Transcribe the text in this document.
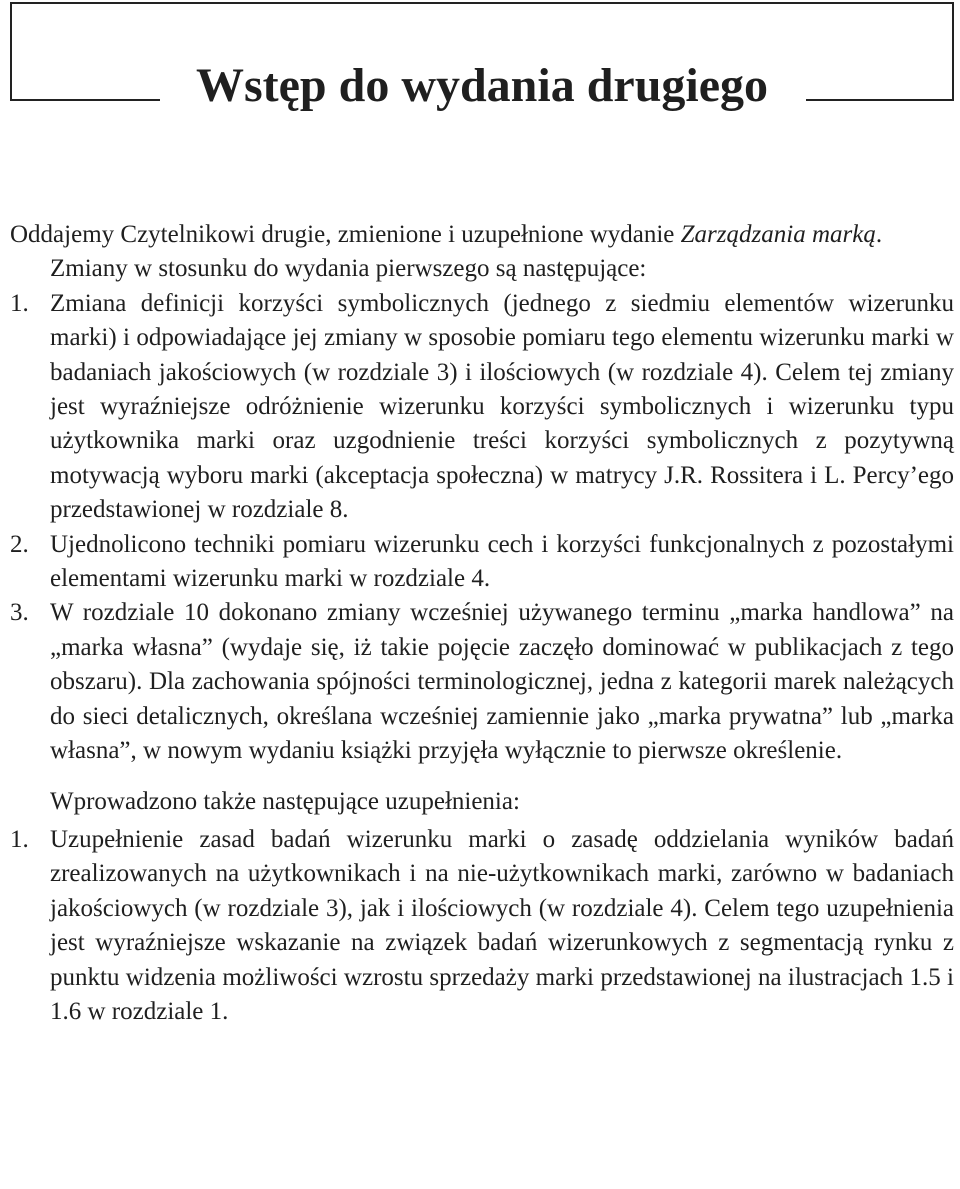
Wstęp do wydania drugiego

Oddajemy Czytelnikowi drugie, zmienione i uzupełnione wydanie Zarządzania marką.

Zmiany w stosunku do wydania pierwszego są następujące:

1. Zmiana definicji korzyści symbolicznych (jednego z siedmiu elementów wizerunku marki) i odpowiadające jej zmiany w sposobie pomiaru tego elementu wizerunku marki w badaniach jakościowych (w rozdziale 3) i ilościowych (w rozdziale 4). Celem tej zmiany jest wyraźniejsze odróżnienie wizerunku korzyści symbolicznych i wizerunku typu użytkownika marki oraz uzgodnienie treści korzyści symbolicznych z pozytywną motywacją wyboru marki (akceptacja społeczna) w matrycy J.R. Rossitera i L. Percy’ego przedstawionej w rozdziale 8.

2. Ujednolicono techniki pomiaru wizerunku cech i korzyści funkcjonalnych z pozostałymi elementami wizerunku marki w rozdziale 4.

3. W rozdziale 10 dokonano zmiany wcześniej używanego terminu „marka handlowa” na „marka własna” (wydaje się, iż takie pojęcie zaczęło dominować w publikacjach z tego obszaru). Dla zachowania spójności terminologicznej, jedna z kategorii marek należących do sieci detalicznych, określana wcześniej zamiennie jako „marka prywatna” lub „marka własna”, w nowym wydaniu książki przyjęła wyłącznie to pierwsze określenie.

Wprowadzono także następujące uzupełnienia:

1. Uzupełnienie zasad badań wizerunku marki o zasadę oddzielania wyników badań zrealizowanych na użytkownikach i na nie-użytkownikach marki, zarówno w badaniach jakościowych (w rozdziale 3), jak i ilościowych (w rozdziale 4). Celem tego uzupełnienia jest wyraźniejsze wskazanie na związek badań wizerunkowych z segmentacją rynku z punktu widzenia możliwości wzrostu sprzedaży marki przedstawionej na ilustracjach 1.5 i 1.6 w rozdziale 1.
